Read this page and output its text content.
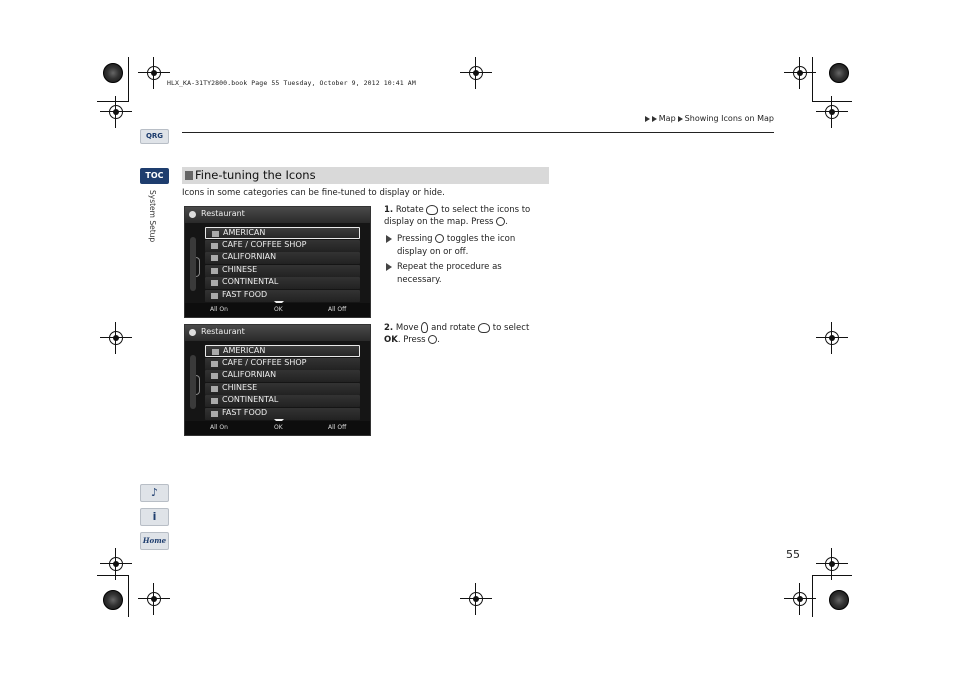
HLX_KA-31TY2800.book Page 55 Tuesday, October 9, 2012 10:41 AM
Map Showing Icons on Map
QRG
TOC
System Setup
♪
i
Home
Fine-tuning the Icons
Icons in some categories can be fine-tuned to display or hide.
Restaurant
AMERICAN
CAFE / COFFEE SHOP
CALIFORNIAN
CHINESE
CONTINENTAL
FAST FOOD
All On	OK	All Off
Restaurant
AMERICAN
CAFE / COFFEE SHOP
CALIFORNIAN
CHINESE
CONTINENTAL
FAST FOOD
All On	OK	All Off
1. Rotate to select the icons to display on the map. Press .
Pressing toggles the icon display on or off.
Repeat the procedure as necessary.
2. Move and rotate to select OK. Press .
55
